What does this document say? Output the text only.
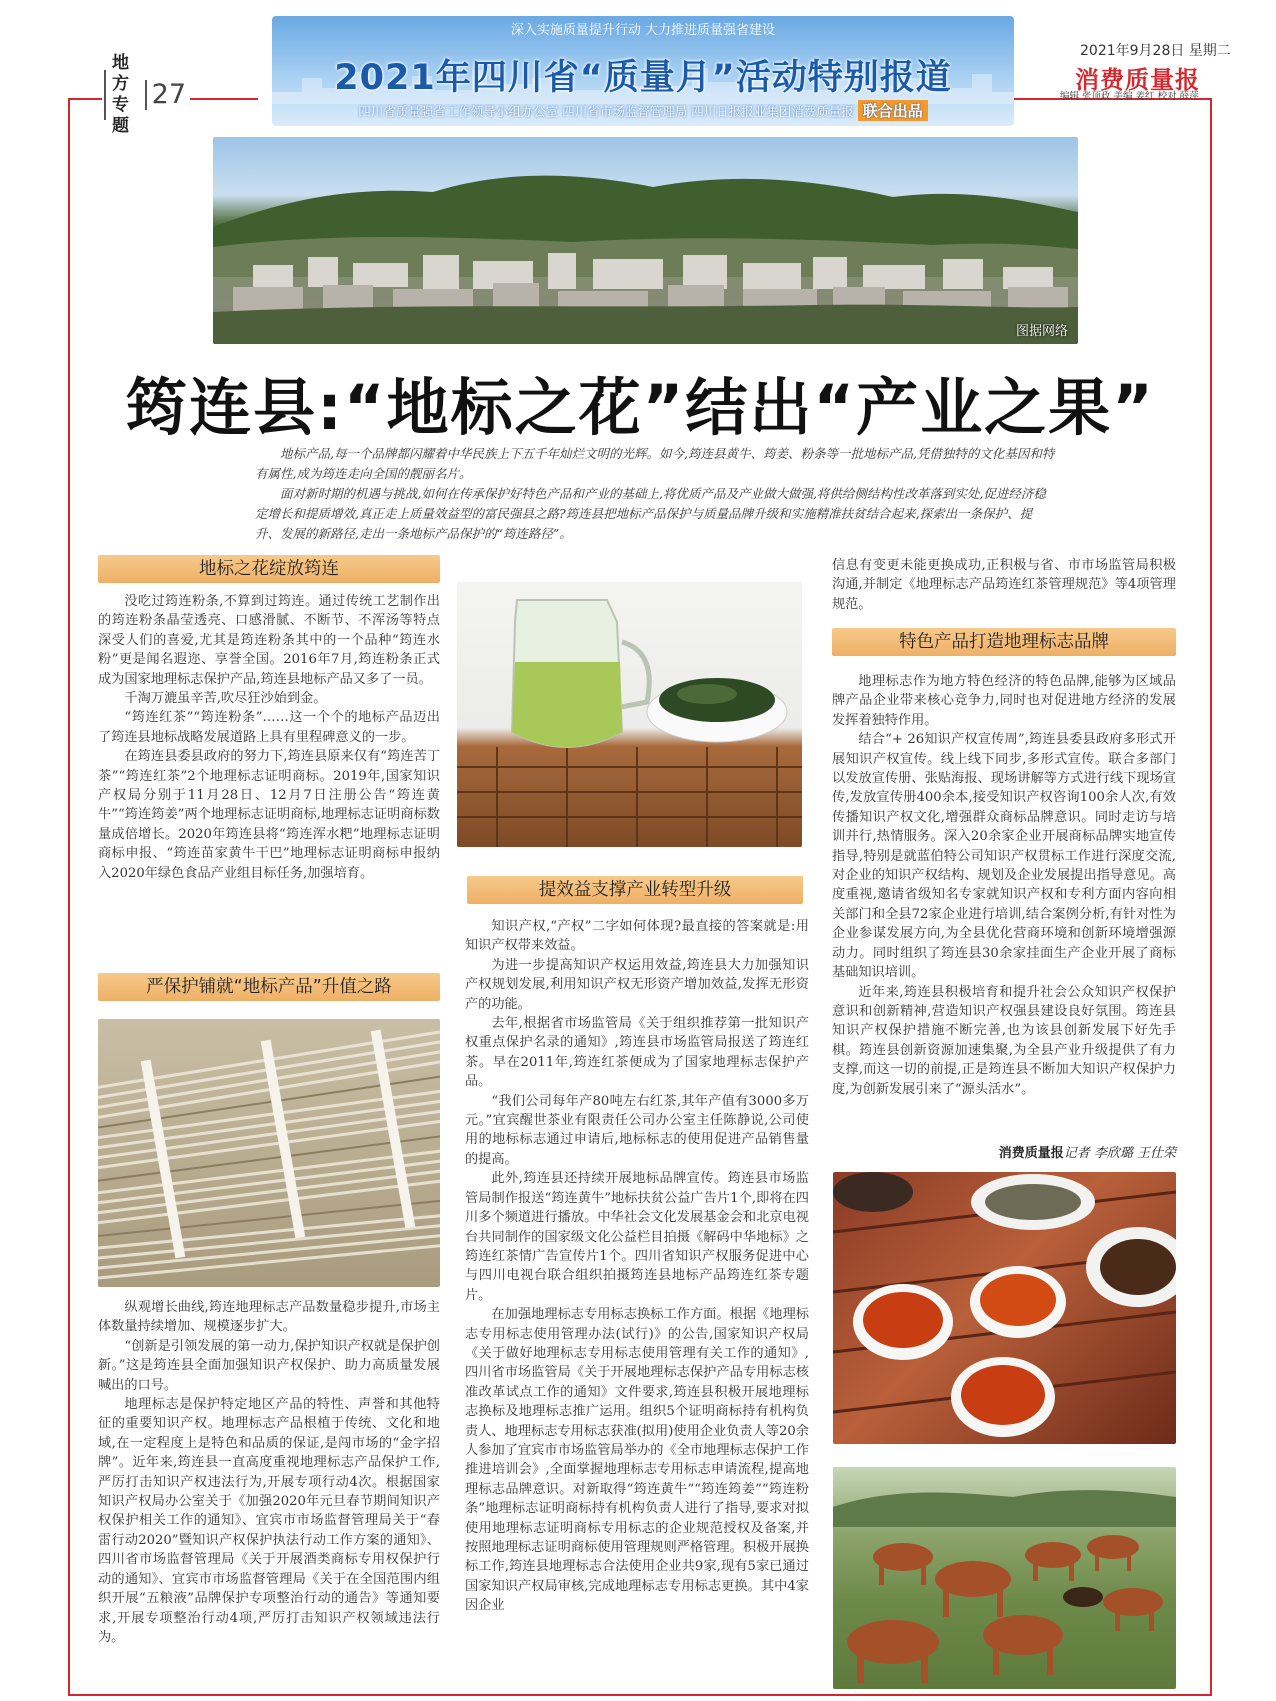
地方专题
27
深入实施质量提升行动 大力推进质量强省建设
2021年四川省“质量月”活动特别报道
四川省质量强省工作领导小组办公室 四川省市场监督管理局 四川日报报业集团消费质量报 联合出品
2021年9月28日 星期二
消费质量报
编辑 张顶政 美编 姜红 校对 薛萍
图据网络
筠连县:“地标之花”结出“产业之果”

地标产品,每一个品牌都闪耀着中华民族上下五千年灿烂文明的光辉。如今,筠连县黄牛、筠姜、粉条等一批地标产品,凭借独特的文化基因和特有属性,成为筠连走向全国的靓丽名片。

面对新时期的机遇与挑战,如何在传承保护好特色产品和产业的基础上,将优质产品及产业做大做强,将供给侧结构性改革落到实处,促进经济稳定增长和提质增效,真正走上质量效益型的富民强县之路?筠连县把地标产品保护与质量品牌升级和实施精准扶贫结合起来,探索出一条保护、提升、发展的新路径,走出一条地标产品保护的“筠连路径”。

地标之花绽放筠连

没吃过筠连粉条,不算到过筠连。通过传统工艺制作出的筠连粉条晶莹透亮、口感滑腻、不断节、不浑汤等特点深受人们的喜爱,尤其是筠连粉条其中的一个品种“筠连水粉”更是闻名遐迩、享誉全国。2016年7月,筠连粉条正式成为国家地理标志保护产品,筠连县地标产品又多了一员。

千淘万漉虽辛苦,吹尽狂沙始到金。

“筠连红茶”“筠连粉条”……这一个个的地标产品迈出了筠连县地标战略发展道路上具有里程碑意义的一步。

在筠连县委县政府的努力下,筠连县原来仅有“筠连苦丁茶”“筠连红茶”2个地理标志证明商标。2019年,国家知识产权局分别于11月28日、12月7日注册公告“筠连黄牛”“筠连筠姜”两个地理标志证明商标,地理标志证明商标数量成倍增长。2020年筠连县将“筠连浑水粑”地理标志证明商标申报、“筠连苗家黄牛干巴”地理标志证明商标申报纳入2020年绿色食品产业组目标任务,加强培育。

严保护铺就“地标产品”升值之路

纵观增长曲线,筠连地理标志产品数量稳步提升,市场主体数量持续增加、规模逐步扩大。

“创新是引领发展的第一动力,保护知识产权就是保护创新。”这是筠连县全面加强知识产权保护、助力高质量发展喊出的口号。

地理标志是保护特定地区产品的特性、声誉和其他特征的重要知识产权。地理标志产品根植于传统、文化和地域,在一定程度上是特色和品质的保证,是闯市场的“金字招牌”。近年来,筠连县一直高度重视地理标志产品保护工作,严厉打击知识产权违法行为,开展专项行动4次。根据国家知识产权局办公室关于《加强2020年元旦春节期间知识产权保护相关工作的通知》、宜宾市市场监督管理局关于“春雷行动2020”暨知识产权保护执法行动工作方案的通知》、四川省市场监督管理局《关于开展酒类商标专用权保护行动的通知》、宜宾市市场监督管理局《关于在全国范围内组织开展“五粮液”品牌保护专项整治行动的通告》等通知要求,开展专项整治行动4项,严厉打击知识产权领域违法行为。

提效益支撑产业转型升级

知识产权,“产权”二字如何体现?最直接的答案就是:用知识产权带来效益。

为进一步提高知识产权运用效益,筠连县大力加强知识产权规划发展,利用知识产权无形资产增加效益,发挥无形资产的功能。

去年,根据省市场监管局《关于组织推荐第一批知识产权重点保护名录的通知》,筠连县市场监管局报送了筠连红茶。早在2011年,筠连红茶便成为了国家地理标志保护产品。

“我们公司每年产80吨左右红茶,其年产值有3000多万元。”宜宾醒世茶业有限责任公司办公室主任陈静说,公司使用的地标标志通过申请后,地标标志的使用促进产品销售量的提高。

此外,筠连县还持续开展地标品牌宣传。筠连县市场监管局制作报送“筠连黄牛”地标扶贫公益广告片1个,即将在四川多个频道进行播放。中华社会文化发展基金会和北京电视台共同制作的国家级文化公益栏目拍摄《解码中华地标》之筠连红茶情广告宣传片1个。四川省知识产权服务促进中心与四川电视台联合组织拍摄筠连县地标产品筠连红茶专题片。

在加强地理标志专用标志换标工作方面。根据《地理标志专用标志使用管理办法(试行)》的公告,国家知识产权局《关于做好地理标志专用标志使用管理有关工作的通知》,四川省市场监管局《关于开展地理标志保护产品专用标志核准改革试点工作的通知》文件要求,筠连县积极开展地理标志换标及地理标志推广运用。组织5个证明商标持有机构负责人、地理标志专用标志获准(拟用)使用企业负责人等20余人参加了宜宾市市场监管局举办的《全市地理标志保护工作推进培训会》,全面掌握地理标志专用标志申请流程,提高地理标志品牌意识。对新取得“筠连黄牛”“筠连筠姜”“筠连粉条”地理标志证明商标持有机构负责人进行了指导,要求对拟使用地理标志证明商标专用标志的企业规范授权及备案,并按照地理标志证明商标使用管理规则严格管理。积极开展换标工作,筠连县地理标志合法使用企业共9家,现有5家已通过国家知识产权局审核,完成地理标志专用标志更换。其中4家因企业

信息有变更未能更换成功,正积极与省、市市场监管局积极沟通,并制定《地理标志产品筠连红茶管理规范》等4项管理规范。

特色产品打造地理标志品牌

地理标志作为地方特色经济的特色品牌,能够为区域品牌产品企业带来核心竞争力,同时也对促进地方经济的发展发挥着独特作用。

结合“+ 26知识产权宣传周”,筠连县委县政府多形式开展知识产权宣传。线上线下同步,多形式宣传。联合多部门以发放宣传册、张贴海报、现场讲解等方式进行线下现场宣传,发放宣传册400余本,接受知识产权咨询100余人次,有效传播知识产权文化,增强群众商标品牌意识。同时走访与培训并行,热情服务。深入20余家企业开展商标品牌实地宣传指导,特别是就蓝伯特公司知识产权贯标工作进行深度交流,对企业的知识产权结构、规划及企业发展提出指导意见。高度重视,邀请省级知名专家就知识产权和专利方面内容向相关部门和全县72家企业进行培训,结合案例分析,有针对性为企业参谋发展方向,为全县优化营商环境和创新环境增强源动力。同时组织了筠连县30余家挂面生产企业开展了商标基础知识培训。

近年来,筠连县积极培育和提升社会公众知识产权保护意识和创新精神,营造知识产权强县建设良好氛围。筠连县知识产权保护措施不断完善,也为该县创新发展下好先手棋。筠连县创新资源加速集聚,为全县产业升级提供了有力支撑,而这一切的前提,正是筠连县不断加大知识产权保护力度,为创新发展引来了“源头活水”。

消费质量报记者 李欣璐 王仕荣
